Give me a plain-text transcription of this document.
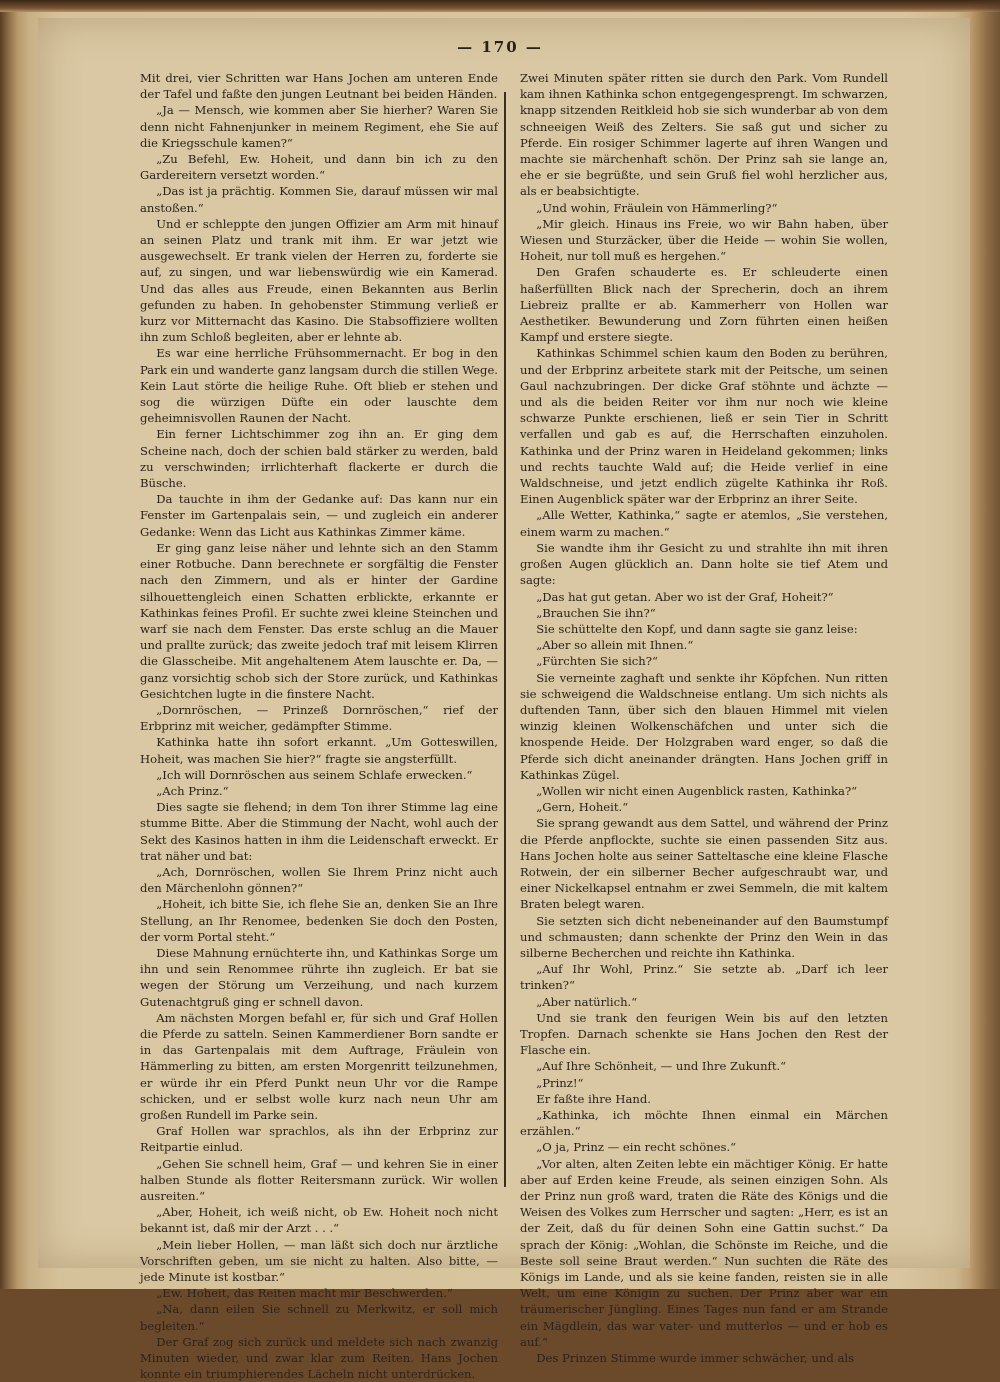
— 170 —

Mit drei, vier Schritten war Hans Jochen am unteren Ende der Tafel und faßte den jungen Leutnant bei beiden Händen.

„Ja — Mensch, wie kommen aber Sie hierher? Waren Sie denn nicht Fahnenjunker in meinem Regiment, ehe Sie auf die Kriegsschule kamen?“

„Zu Befehl, Ew. Hoheit, und dann bin ich zu den Gardereitern versetzt worden.“

„Das ist ja prächtig. Kommen Sie, darauf müssen wir mal anstoßen.“

Und er schleppte den jungen Offizier am Arm mit hinauf an seinen Platz und trank mit ihm. Er war jetzt wie ausgewechselt. Er trank vielen der Herren zu, forderte sie auf, zu singen, und war liebenswürdig wie ein Kamerad. Und das alles aus Freude, einen Bekannten aus Berlin gefunden zu haben. In gehobenster Stimmung verließ er kurz vor Mitternacht das Kasino. Die Stabsoffiziere wollten ihn zum Schloß begleiten, aber er lehnte ab.

Es war eine herrliche Frühsommernacht. Er bog in den Park ein und wanderte ganz langsam durch die stillen Wege. Kein Laut störte die heilige Ruhe. Oft blieb er stehen und sog die würzigen Düfte ein oder lauschte dem geheimnisvollen Raunen der Nacht.

Ein ferner Lichtschimmer zog ihn an. Er ging dem Scheine nach, doch der schien bald stärker zu werden, bald zu verschwinden; irrlichterhaft flackerte er durch die Büsche.

Da tauchte in ihm der Gedanke auf: Das kann nur ein Fenster im Gartenpalais sein, — und zugleich ein anderer Gedanke: Wenn das Licht aus Kathinkas Zimmer käme.

Er ging ganz leise näher und lehnte sich an den Stamm einer Rotbuche. Dann berechnete er sorgfältig die Fenster nach den Zimmern, und als er hinter der Gardine silhouettengleich einen Schatten erblickte, erkannte er Kathinkas feines Profil. Er suchte zwei kleine Steinchen und warf sie nach dem Fenster. Das erste schlug an die Mauer und prallte zurück; das zweite jedoch traf mit leisem Klirren die Glasscheibe. Mit angehaltenem Atem lauschte er. Da, — ganz vorsichtig schob sich der Store zurück, und Kathinkas Gesichtchen lugte in die finstere Nacht.

„Dornröschen, — Prinzeß Dornröschen,“ rief der Erbprinz mit weicher, gedämpfter Stimme.

Kathinka hatte ihn sofort erkannt. „Um Gotteswillen, Hoheit, was machen Sie hier?“ fragte sie angsterfüllt.

„Ich will Dornröschen aus seinem Schlafe erwecken.“

„Ach Prinz.“

Dies sagte sie flehend; in dem Ton ihrer Stimme lag eine stumme Bitte. Aber die Stimmung der Nacht, wohl auch der Sekt des Kasinos hatten in ihm die Leidenschaft erweckt. Er trat näher und bat:

„Ach, Dornröschen, wollen Sie Ihrem Prinz nicht auch den Märchenlohn gönnen?“

„Hoheit, ich bitte Sie, ich flehe Sie an, denken Sie an Ihre Stellung, an Ihr Renomee, bedenken Sie doch den Posten, der vorm Portal steht.“

Diese Mahnung ernüchterte ihn, und Kathinkas Sorge um ihn und sein Renommee rührte ihn zugleich. Er bat sie wegen der Störung um Verzeihung, und nach kurzem Gutenachtgruß ging er schnell davon.

Am nächsten Morgen befahl er, für sich und Graf Hollen die Pferde zu satteln. Seinen Kammerdiener Born sandte er in das Gartenpalais mit dem Auftrage, Fräulein von Hämmerling zu bitten, am ersten Morgenritt teilzunehmen, er würde ihr ein Pferd Punkt neun Uhr vor die Rampe schicken, und er selbst wolle kurz nach neun Uhr am großen Rundell im Parke sein.

Graf Hollen war sprachlos, als ihn der Erbprinz zur Reitpartie einlud.

„Gehen Sie schnell heim, Graf — und kehren Sie in einer halben Stunde als flotter Reitersmann zurück. Wir wollen ausreiten.“

„Aber, Hoheit, ich weiß nicht, ob Ew. Hoheit noch nicht bekannt ist, daß mir der Arzt . . .“

„Mein lieber Hollen, — man läßt sich doch nur ärztliche Vorschriften geben, um sie nicht zu halten. Also bitte, — jede Minute ist kostbar.“

„Ew. Hoheit, das Reiten macht mir Beschwerden.“

„Na, dann eilen Sie schnell zu Merkwitz, er soll mich begleiten.“

Der Graf zog sich zurück und meldete sich nach zwanzig Minuten wieder, und zwar klar zum Reiten. Hans Jochen konnte ein triumphierendes Lächeln nicht unterdrücken.

Zwei Minuten später ritten sie durch den Park. Vom Rundell kam ihnen Kathinka schon entgegengesprengt. Im schwarzen, knapp sitzenden Reitkleid hob sie sich wunderbar ab von dem schneeigen Weiß des Zelters. Sie saß gut und sicher zu Pferde. Ein rosiger Schimmer lagerte auf ihren Wangen und machte sie märchenhaft schön. Der Prinz sah sie lange an, ehe er sie begrüßte, und sein Gruß fiel wohl herzlicher aus, als er beabsichtigte.

„Und wohin, Fräulein von Hämmerling?“

„Mir gleich. Hinaus ins Freie, wo wir Bahn haben, über Wiesen und Sturzäcker, über die Heide — wohin Sie wollen, Hoheit, nur toll muß es hergehen.“

Den Grafen schauderte es. Er schleuderte einen haßerfüllten Blick nach der Sprecherin, doch an ihrem Liebreiz prallte er ab. Kammerherr von Hollen war Aesthetiker. Bewunderung und Zorn führten einen heißen Kampf und erstere siegte.

Kathinkas Schimmel schien kaum den Boden zu berühren, und der Erbprinz arbeitete stark mit der Peitsche, um seinen Gaul nachzubringen. Der dicke Graf stöhnte und ächzte — und als die beiden Reiter vor ihm nur noch wie kleine schwarze Punkte erschienen, ließ er sein Tier in Schritt verfallen und gab es auf, die Herrschaften einzuholen. Kathinka und der Prinz waren in Heideland gekommen; links und rechts tauchte Wald auf; die Heide verlief in eine Waldschneise, und jetzt endlich zügelte Kathinka ihr Roß. Einen Augenblick später war der Erbprinz an ihrer Seite.

„Alle Wetter, Kathinka,“ sagte er atemlos, „Sie verstehen, einem warm zu machen.“

Sie wandte ihm ihr Gesicht zu und strahlte ihn mit ihren großen Augen glücklich an. Dann holte sie tief Atem und sagte:

„Das hat gut getan. Aber wo ist der Graf, Hoheit?“

„Brauchen Sie ihn?“

Sie schüttelte den Kopf, und dann sagte sie ganz leise:

„Aber so allein mit Ihnen.“

„Fürchten Sie sich?“

Sie verneinte zaghaft und senkte ihr Köpfchen. Nun ritten sie schweigend die Waldschneise entlang. Um sich nichts als duftenden Tann, über sich den blauen Himmel mit vielen winzig kleinen Wolkenschäfchen und unter sich die knospende Heide. Der Holzgraben ward enger, so daß die Pferde sich dicht aneinander drängten. Hans Jochen griff in Kathinkas Zügel.

„Wollen wir nicht einen Augenblick rasten, Kathinka?“

„Gern, Hoheit.“

Sie sprang gewandt aus dem Sattel, und während der Prinz die Pferde anpflockte, suchte sie einen passenden Sitz aus. Hans Jochen holte aus seiner Satteltasche eine kleine Flasche Rotwein, der ein silberner Becher aufgeschraubt war, und einer Nickelkapsel entnahm er zwei Semmeln, die mit kaltem Braten belegt waren.

Sie setzten sich dicht nebeneinander auf den Baumstumpf und schmausten; dann schenkte der Prinz den Wein in das silberne Becherchen und reichte ihn Kathinka.

„Auf Ihr Wohl, Prinz.“ Sie setzte ab. „Darf ich leer trinken?“

„Aber natürlich.“

Und sie trank den feurigen Wein bis auf den letzten Tropfen. Darnach schenkte sie Hans Jochen den Rest der Flasche ein.

„Auf Ihre Schönheit, — und Ihre Zukunft.“

„Prinz!“

Er faßte ihre Hand.

„Kathinka, ich möchte Ihnen einmal ein Märchen erzählen.“

„O ja, Prinz — ein recht schönes.“

„Vor alten, alten Zeiten lebte ein mächtiger König. Er hatte aber auf Erden keine Freude, als seinen einzigen Sohn. Als der Prinz nun groß ward, traten die Räte des Königs und die Weisen des Volkes zum Herrscher und sagten: „Herr, es ist an der Zeit, daß du für deinen Sohn eine Gattin suchst.“ Da sprach der König: „Wohlan, die Schönste im Reiche, und die Beste soll seine Braut werden.“ Nun suchten die Räte des Königs im Lande, und als sie keine fanden, reisten sie in alle Welt, um eine Königin zu suchen. Der Prinz aber war ein träumerischer Jüngling. Eines Tages nun fand er am Strande ein Mägdlein, das war vater- und mutterlos — und er hob es auf.“

Des Prinzen Stimme wurde immer schwächer, und als
